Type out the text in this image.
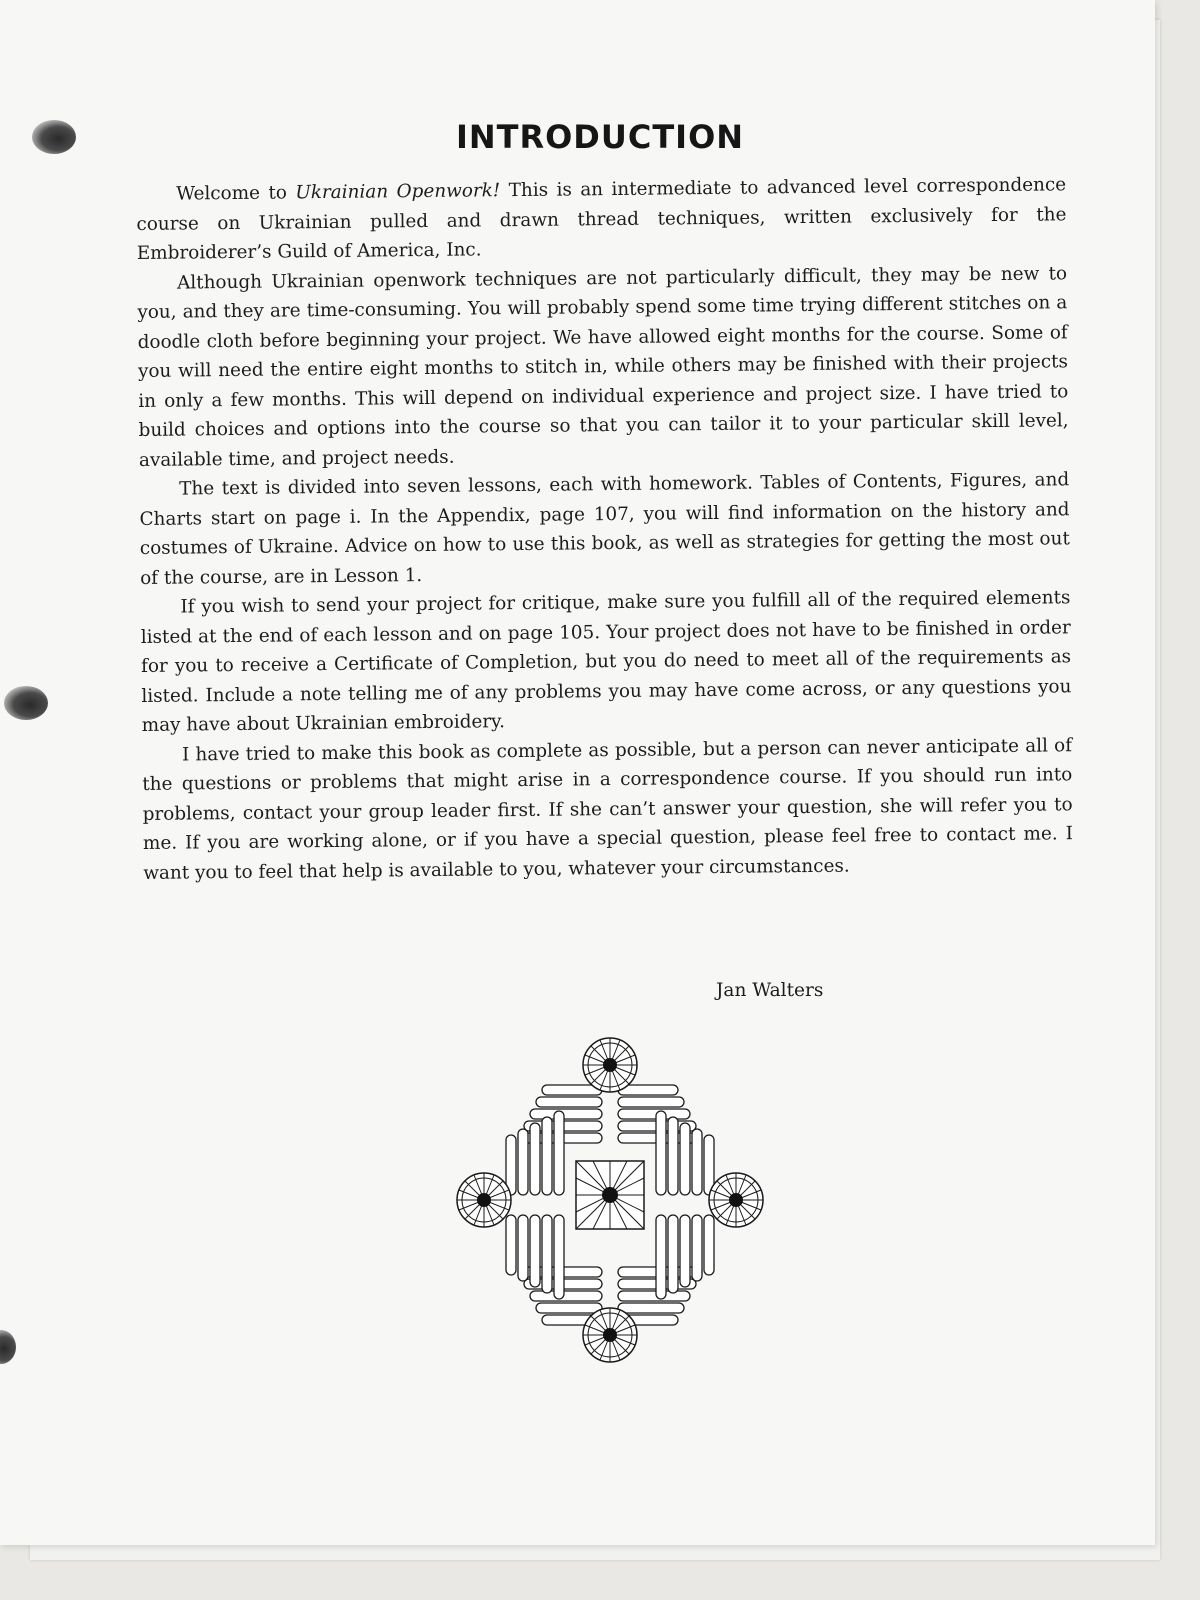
INTRODUCTION

Welcome to Ukrainian Openwork! This is an intermediate to advanced level correspondence course on Ukrainian pulled and drawn thread techniques, written exclusively for the Embroiderer’s Guild of America, Inc.

Although Ukrainian openwork techniques are not particularly difficult, they may be new to you, and they are time-consuming. You will probably spend some time trying different stitches on a doodle cloth before beginning your project. We have allowed eight months for the course. Some of you will need the entire eight months to stitch in, while others may be finished with their projects in only a few months. This will depend on individual experience and project size. I have tried to build choices and options into the course so that you can tailor it to your particular skill level, available time, and project needs.

The text is divided into seven lessons, each with homework. Tables of Contents, Figures, and Charts start on page i. In the Appendix, page 107, you will find information on the history and costumes of Ukraine. Advice on how to use this book, as well as strategies for getting the most out of the course, are in Lesson 1.

If you wish to send your project for critique, make sure you fulfill all of the required elements listed at the end of each lesson and on page 105. Your project does not have to be finished in order for you to receive a Certificate of Completion, but you do need to meet all of the requirements as listed. Include a note telling me of any problems you may have come across, or any questions you may have about Ukrainian embroidery.

I have tried to make this book as complete as possible, but a person can never anticipate all of the questions or problems that might arise in a correspondence course. If you should run into problems, contact your group leader first. If she can’t answer your question, she will refer you to me. If you are working alone, or if you have a special question, please feel free to contact me. I want you to feel that help is available to you, whatever your circumstances.

Jan Walters
